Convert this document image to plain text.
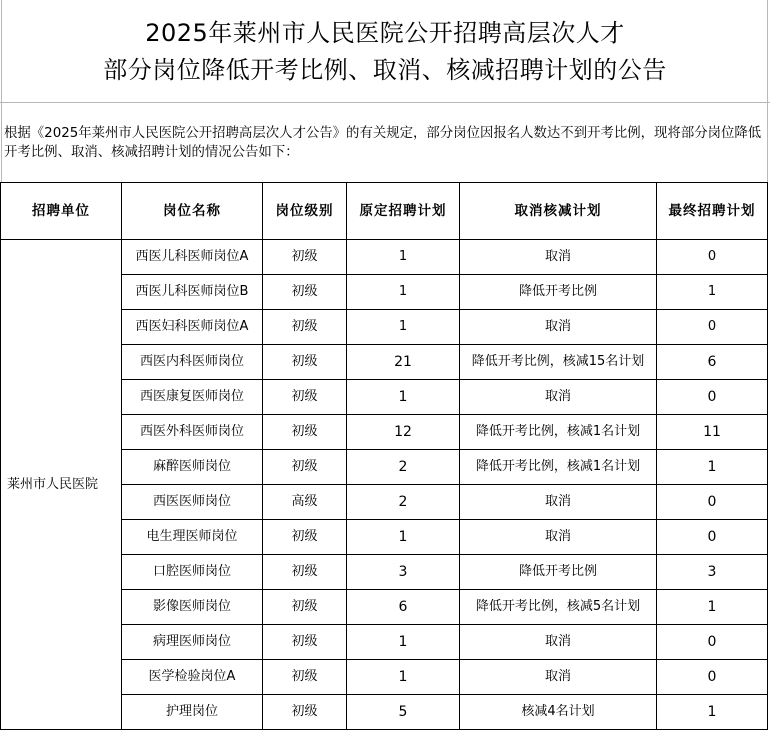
2025年莱州市人民医院公开招聘高层次人才
部分岗位降低开考比例、取消、核减招聘计划的公告
根据《2025年莱州市人民医院公开招聘高层次人才公告》的有关规定，部分岗位因报名人数达不到开考比例，现将部分岗位降低开考比例、取消、核减招聘计划的情况公告如下：
招聘单位	岗位名称	岗位级别	原定招聘计划	取消核减计划	最终招聘计划
莱州市人民医院	西医儿科医师岗位A	初级	1	取消	0
	西医儿科医师岗位B	初级	1	降低开考比例	1
	西医妇科医师岗位A	初级	1	取消	0
	西医内科医师岗位	初级	21	降低开考比例，核减15名计划	6
	西医康复医师岗位	初级	1	取消	0
	西医外科医师岗位	初级	12	降低开考比例，核减1名计划	11
	麻醉医师岗位	初级	2	降低开考比例，核减1名计划	1
	西医医师岗位	高级	2	取消	0
	电生理医师岗位	初级	1	取消	0
	口腔医师岗位	初级	3	降低开考比例	3
	影像医师岗位	初级	6	降低开考比例，核减5名计划	1
	病理医师岗位	初级	1	取消	0
	医学检验岗位A	初级	1	取消	0
	护理岗位	初级	5	核减4名计划	1
